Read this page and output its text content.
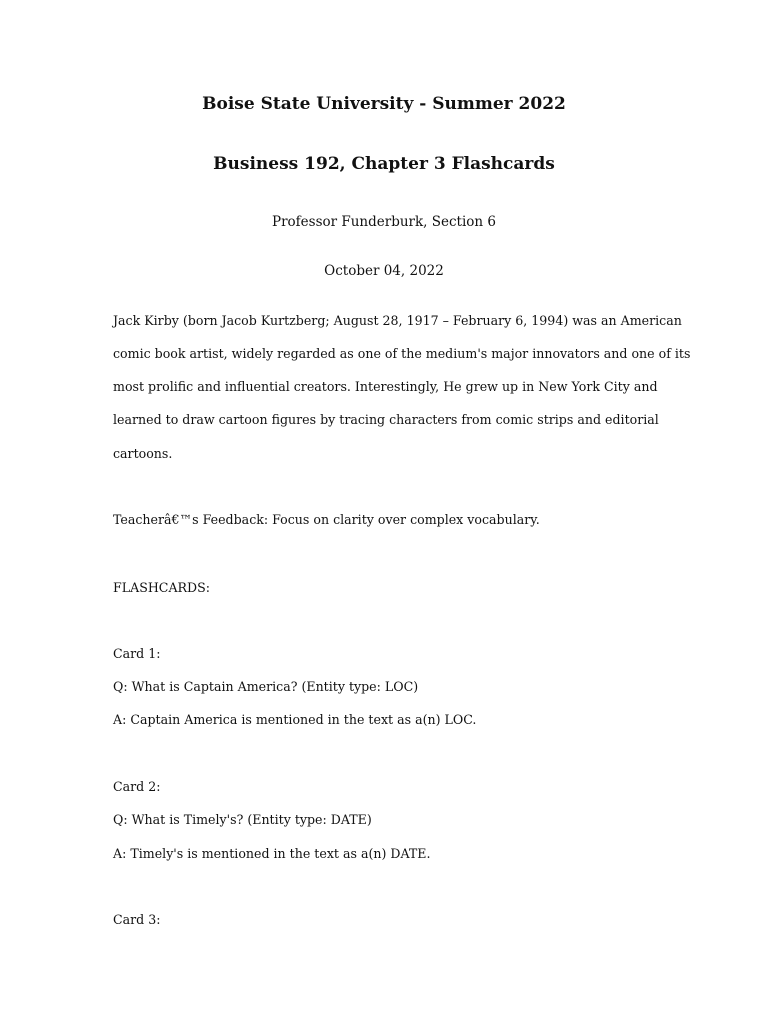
Boise State University - Summer 2022
Business 192, Chapter 3 Flashcards
Professor Funderburk, Section 6
October 04, 2022
Jack Kirby (born Jacob Kurtzberg; August 28, 1917 – February 6, 1994) was an American
comic book artist, widely regarded as one of the medium's major innovators and one of its
most prolific and influential creators. Interestingly, He grew up in New York City and
learned to draw cartoon figures by tracing characters from comic strips and editorial
cartoons.
Teacherâ€™s Feedback: Focus on clarity over complex vocabulary.
FLASHCARDS:
Card 1:
Q: What is Captain America? (Entity type: LOC)
A: Captain America is mentioned in the text as a(n) LOC.
Card 2:
Q: What is Timely's? (Entity type: DATE)
A: Timely's is mentioned in the text as a(n) DATE.
Card 3:
